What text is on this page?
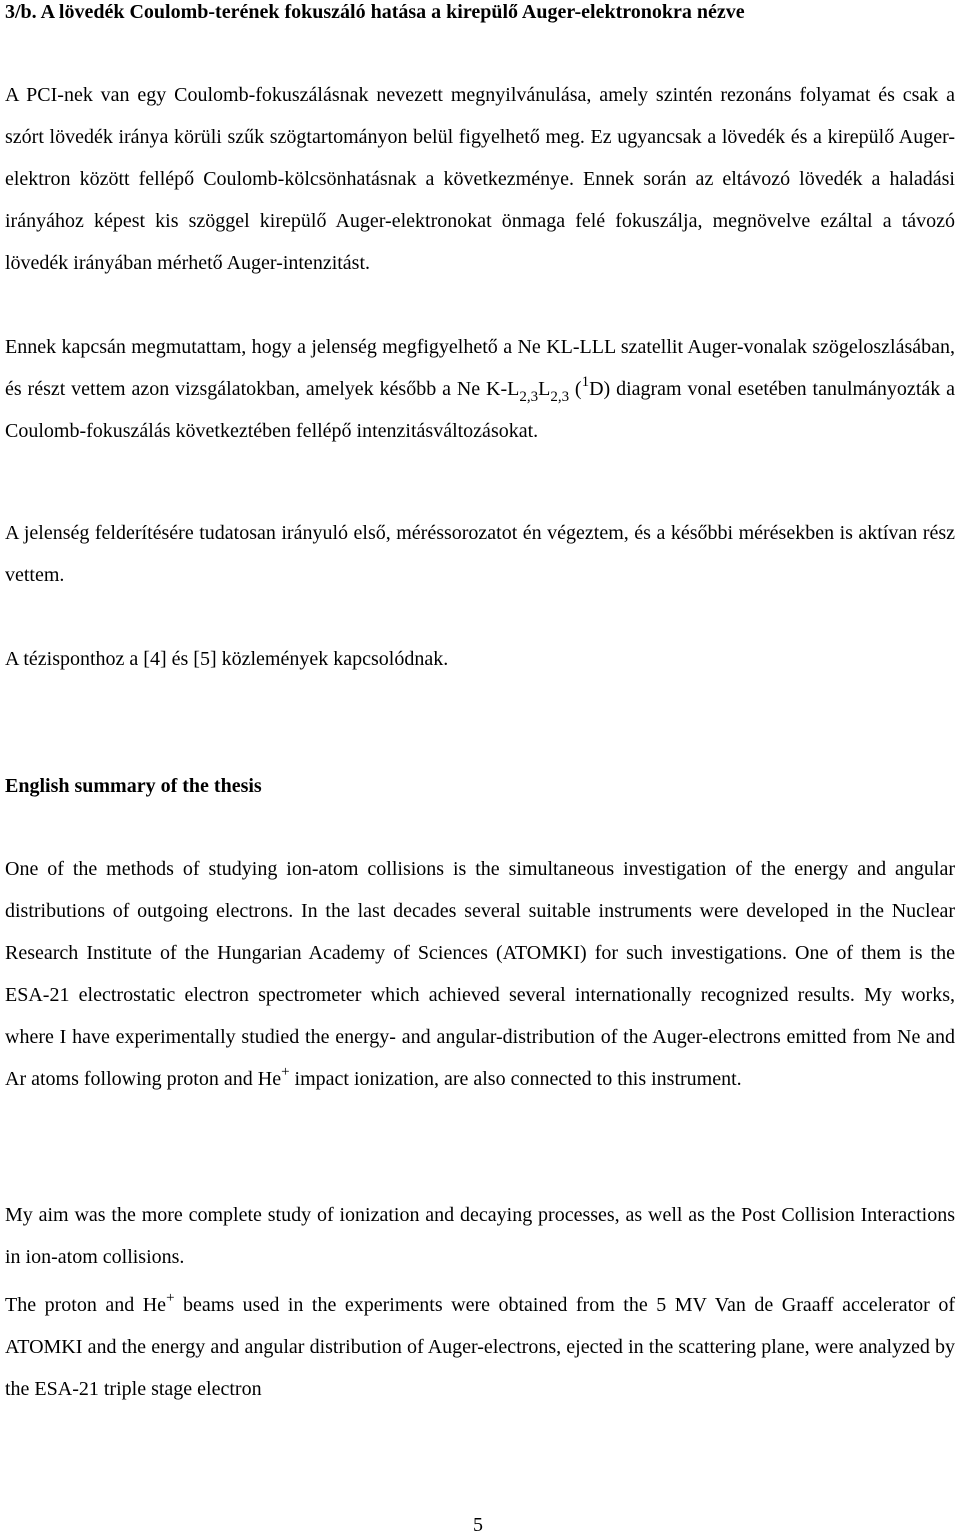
3/b. A lövedék Coulomb-terének fokuszáló hatása a kirepülő Auger-elektronokra nézve

A PCI-nek van egy Coulomb-fokuszálásnak nevezett megnyilvánulása, amely szintén rezonáns folyamat és csak a szórt lövedék iránya körüli szűk szögtartományon belül figyelhető meg. Ez ugyancsak a lövedék és a kirepülő Auger-elektron között fellépő Coulomb-kölcsönhatásnak a következménye. Ennek során az eltávozó lövedék a haladási irányához képest kis szöggel kirepülő Auger-elektronokat önmaga felé fokuszálja, megnövelve ezáltal a távozó lövedék irányában mérhető Auger-intenzitást.

Ennek kapcsán megmutattam, hogy a jelenség megfigyelhető a Ne KL-LLL szatellit Auger-vonalak szögeloszlásában, és részt vettem azon vizsgálatokban, amelyek később a Ne $K-L_{2,3}L_{2,3}$ ($^1$D) diagram vonal esetében tanulmányozták a Coulomb-fokuszálás következtében fellépő intenzitásváltozásokat.

A jelenség felderítésére tudatosan irányuló első, méréssorozatot én végeztem, és a későbbi mérésekben is aktívan rész vettem.

A tézisponthoz a [4] és [5] közlemények kapcsolódnak.

English summary of the thesis

One of the methods of studying ion-atom collisions is the simultaneous investigation of the energy and angular distributions of outgoing electrons. In the last decades several suitable instruments were developed in the Nuclear Research Institute of the Hungarian Academy of Sciences (ATOMKI) for such investigations. One of them is the ESA-21 electrostatic electron spectrometer which achieved several internationally recognized results. My works, where I have experimentally studied the energy- and angular-distribution of the Auger-electrons emitted from Ne and Ar atoms following proton and He+ impact ionization, are also connected to this instrument.

My aim was the more complete study of ionization and decaying processes, as well as the Post Collision Interactions in ion-atom collisions.

The proton and He+ beams used in the experiments were obtained from the 5 MV Van de Graaff accelerator of ATOMKI and the energy and angular distribution of Auger-electrons, ejected in the scattering plane, were analyzed by the ESA-21 triple stage electron

5
